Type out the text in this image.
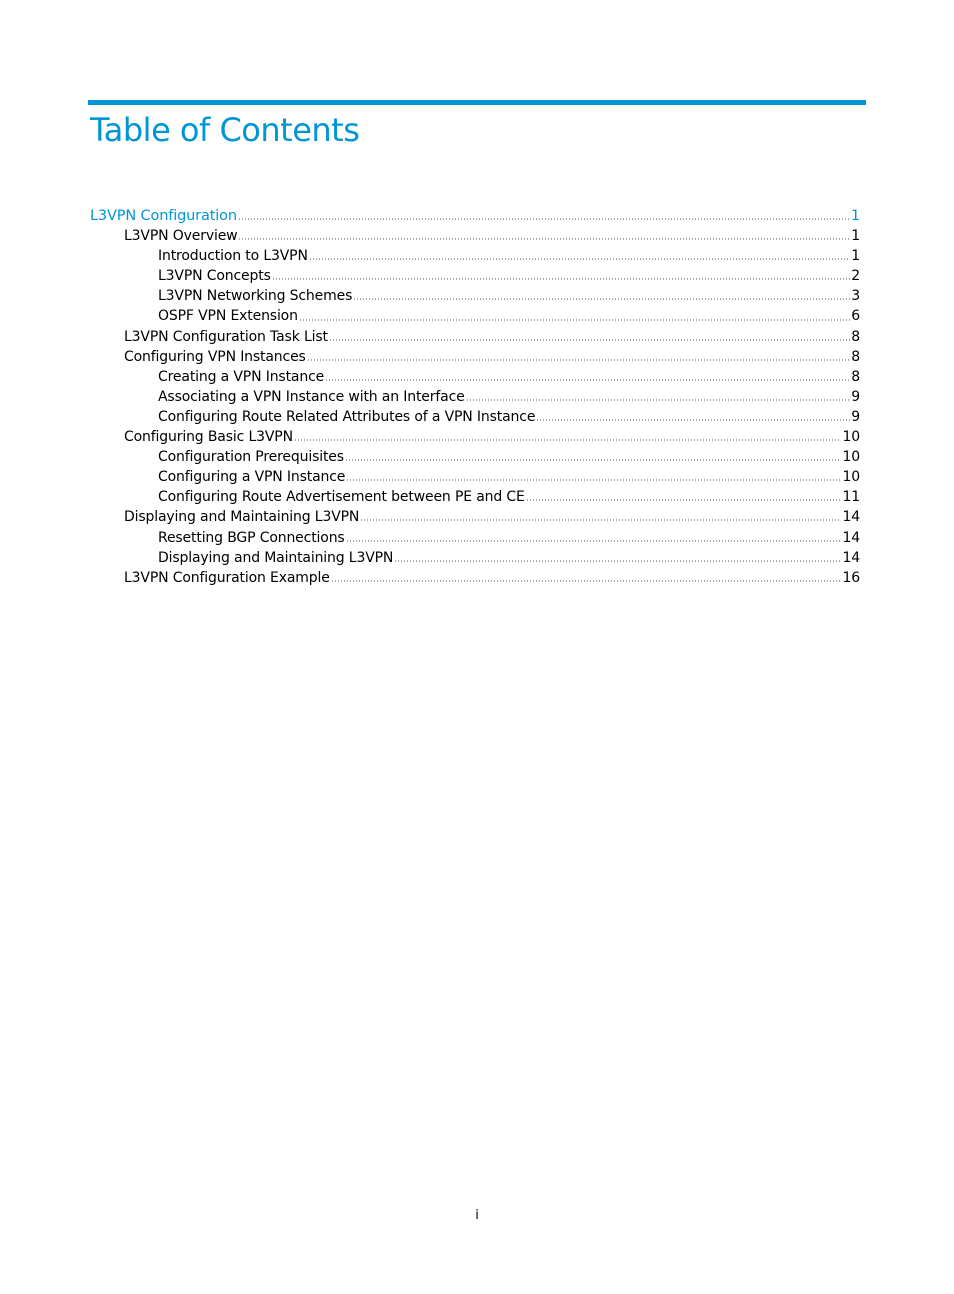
Table of Contents
L3VPN Configuration	1
L3VPN Overview	1
Introduction to L3VPN	1
L3VPN Concepts	2
L3VPN Networking Schemes	3
OSPF VPN Extension	6
L3VPN Configuration Task List	8
Configuring VPN Instances	8
Creating a VPN Instance	8
Associating a VPN Instance with an Interface	9
Configuring Route Related Attributes of a VPN Instance	9
Configuring Basic L3VPN	10
Configuration Prerequisites	10
Configuring a VPN Instance	10
Configuring Route Advertisement between PE and CE	11
Displaying and Maintaining L3VPN	14
Resetting BGP Connections	14
Displaying and Maintaining L3VPN	14
L3VPN Configuration Example	16
i
